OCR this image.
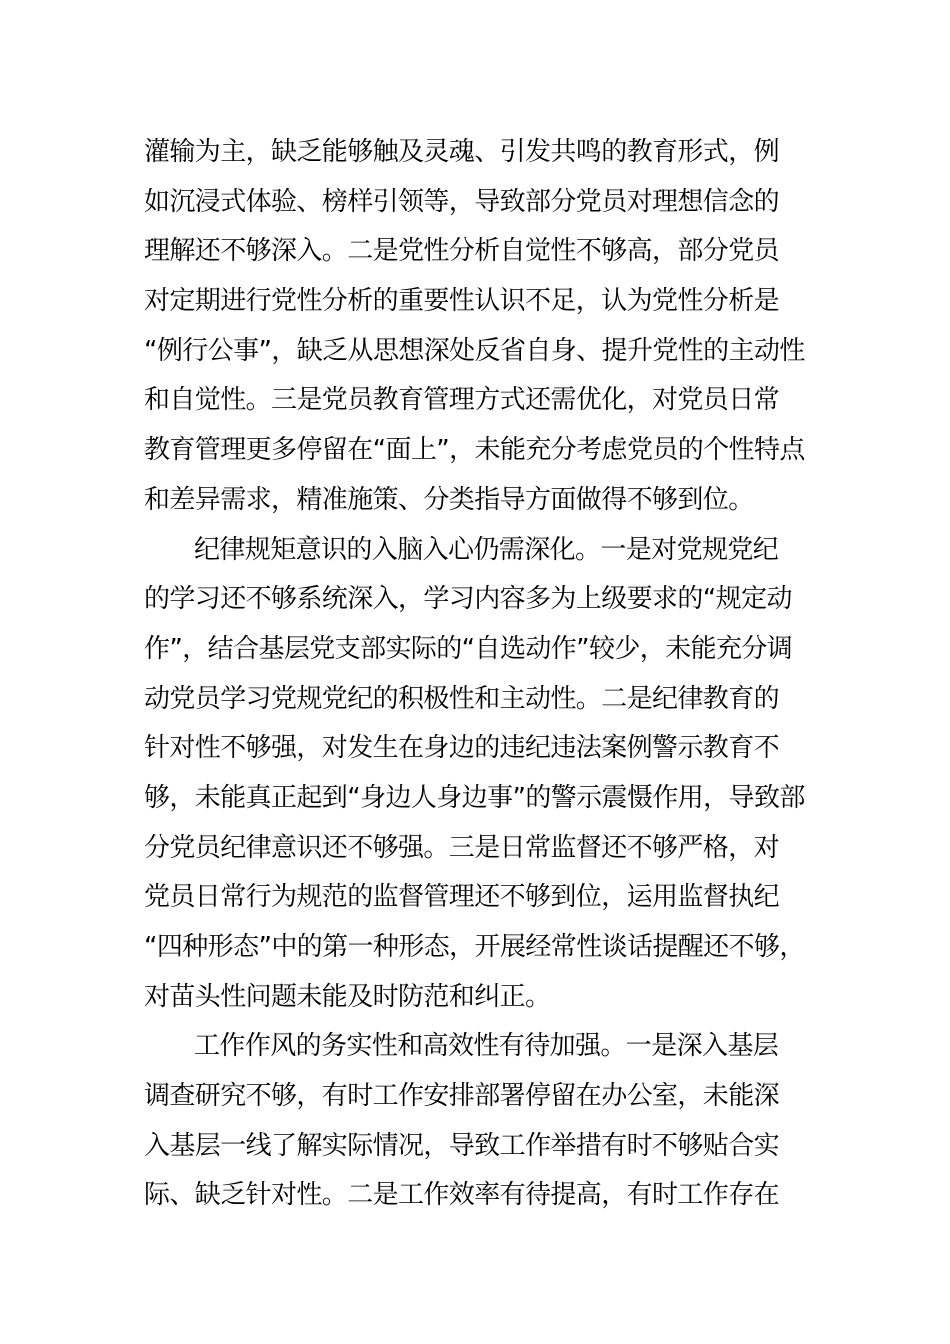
灌输为主，缺乏能够触及灵魂、引发共鸣的教育形式，例
如沉浸式体验、榜样引领等，导致部分党员对理想信念的
理解还不够深入。二是党性分析自觉性不够高，部分党员
对定期进行党性分析的重要性认识不足，认为党性分析是
“例行公事”，缺乏从思想深处反省自身、提升党性的主动性
和自觉性。三是党员教育管理方式还需优化，对党员日常
教育管理更多停留在“面上”，未能充分考虑党员的个性特点
和差异需求，精准施策、分类指导方面做得不够到位。
纪律规矩意识的入脑入心仍需深化。一是对党规党纪
的学习还不够系统深入，学习内容多为上级要求的“规定动
作”，结合基层党支部实际的“自选动作”较少，未能充分调
动党员学习党规党纪的积极性和主动性。二是纪律教育的
针对性不够强，对发生在身边的违纪违法案例警示教育不
够，未能真正起到“身边人身边事”的警示震慑作用，导致部
分党员纪律意识还不够强。三是日常监督还不够严格，对
党员日常行为规范的监督管理还不够到位，运用监督执纪
“四种形态”中的第一种形态，开展经常性谈话提醒还不够，
对苗头性问题未能及时防范和纠正。
工作作风的务实性和高效性有待加强。一是深入基层
调查研究不够，有时工作安排部署停留在办公室，未能深
入基层一线了解实际情况，导致工作举措有时不够贴合实
际、缺乏针对性。二是工作效率有待提高，有时工作存在
